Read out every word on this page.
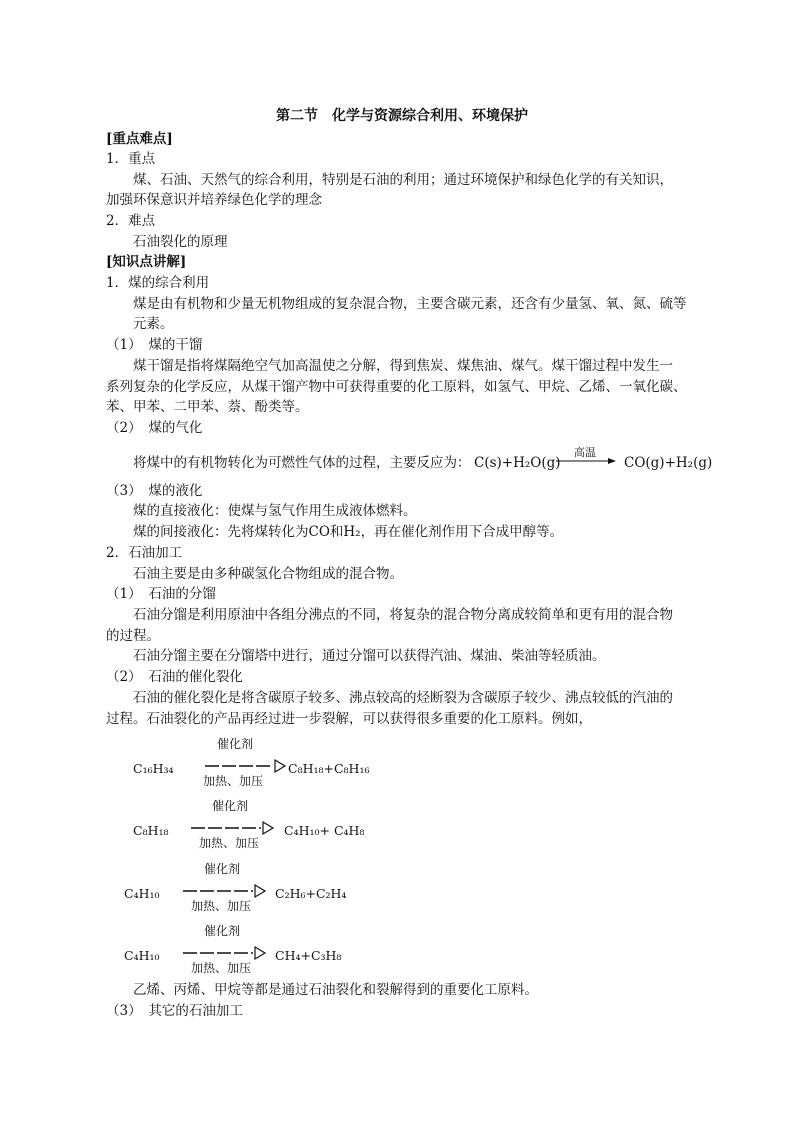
第二节　化学与资源综合利用、环境保护
[重点难点]
1．重点
煤、石油、天然气的综合利用，特别是石油的利用；通过环境保护和绿色化学的有关知识，
加强环保意识并培养绿色化学的理念
2．难点
石油裂化的原理
[知识点讲解]
1．煤的综合利用
煤是由有机物和少量无机物组成的复杂混合物，主要含碳元素，还含有少量氢、氧、氮、硫等
元素。
（1）　煤的干馏
煤干馏是指将煤隔绝空气加高温使之分解，得到焦炭、煤焦油、煤气。煤干馏过程中发生一
系列复杂的化学反应，从煤干馏产物中可获得重要的化工原料，如氢气、甲烷、乙烯、一氧化碳、
苯、甲苯、二甲苯、萘、酚类等。
（2）　煤的气化
将煤中的有机物转化为可燃性气体的过程，主要反应为： C(s)+H₂O(g)
高温
CO(g)+H₂(g)
（3）　煤的液化
煤的直接液化：使煤与氢气作用生成液体燃料。
煤的间接液化：先将煤转化为CO和H₂，再在催化剂作用下合成甲醇等。
2．石油加工
石油主要是由多种碳氢化合物组成的混合物。
（1）　石油的分馏
石油分馏是利用原油中各组分沸点的不同，将复杂的混合物分离成较简单和更有用的混合物
的过程。
石油分馏主要在分馏塔中进行，通过分馏可以获得汽油、煤油、柴油等轻质油。
（2）　石油的催化裂化
石油的催化裂化是将含碳原子较多、沸点较高的烃断裂为含碳原子较少、沸点较低的汽油的
过程。石油裂化的产品再经过进一步裂解，可以获得很多重要的化工原料。例如，
C₁₆H₃₄
催化剂
加热、加压
C₈H₁₈+C₈H₁₆
C₈H₁₈
催化剂
加热、加压
C₄H₁₀+ C₄H₈
C₄H₁₀
催化剂
加热、加压
C₂H₆+C₂H₄
C₄H₁₀
催化剂
加热、加压
CH₄+C₃H₈
乙烯、丙烯、甲烷等都是通过石油裂化和裂解得到的重要化工原料。
（3）　其它的石油加工
